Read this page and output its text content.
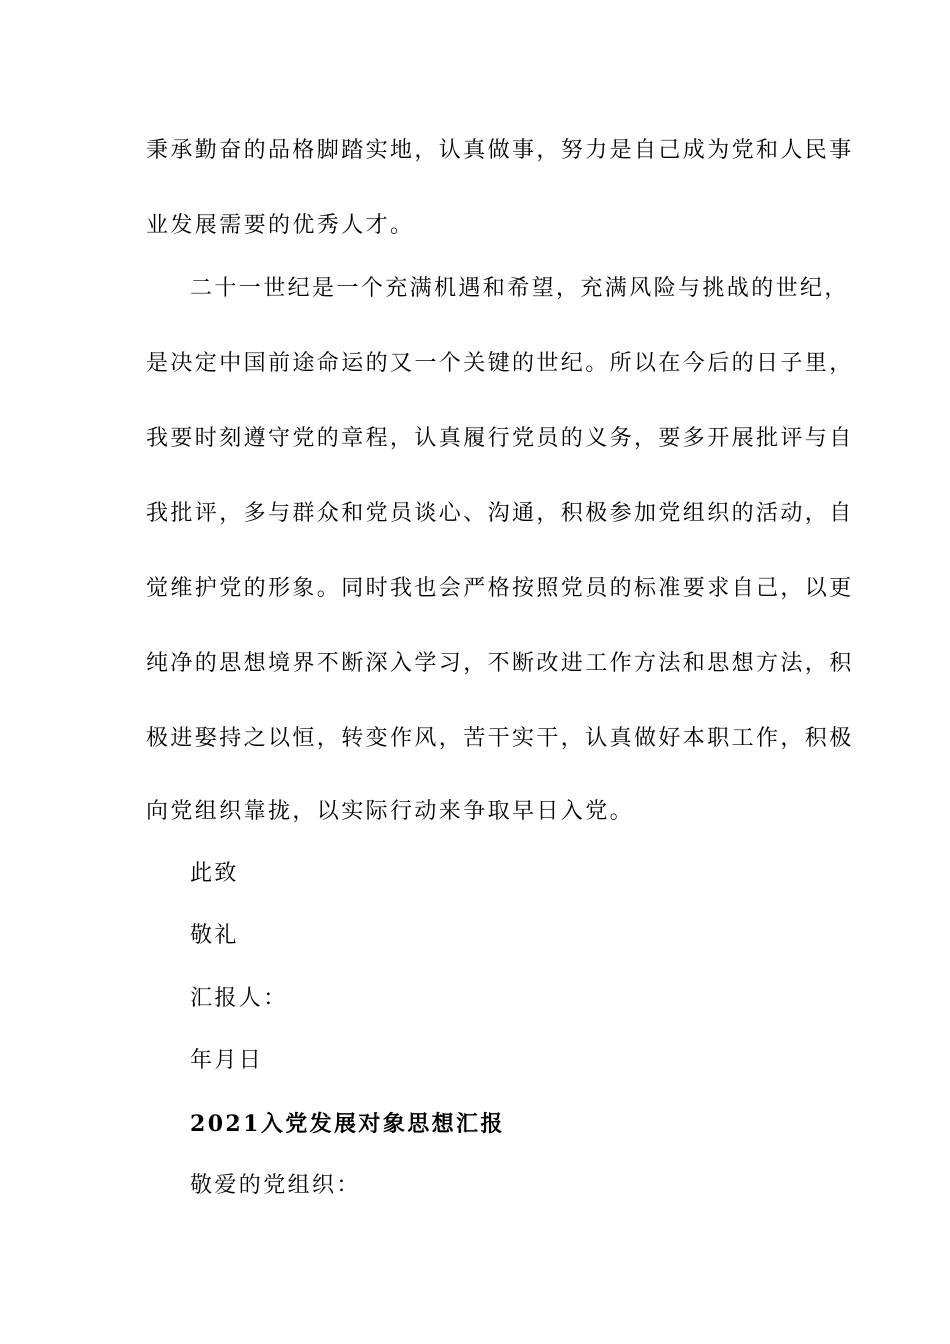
秉承勤奋的品格脚踏实地，认真做事，努力是自己成为党和人民事
业发展需要的优秀人才。
二十一世纪是一个充满机遇和希望，充满风险与挑战的世纪，
是决定中国前途命运的又一个关键的世纪。所以在今后的日子里，
我要时刻遵守党的章程，认真履行党员的义务，要多开展批评与自
我批评，多与群众和党员谈心、沟通，积极参加党组织的活动，自
觉维护党的形象。同时我也会严格按照党员的标准要求自己，以更
纯净的思想境界不断深入学习，不断改进工作方法和思想方法，积
极进娶持之以恒，转变作风，苦干实干，认真做好本职工作，积极
向党组织靠拢，以实际行动来争取早日入党。
此致
敬礼
汇报人：
年月日
2021入党发展对象思想汇报
敬爱的党组织：
